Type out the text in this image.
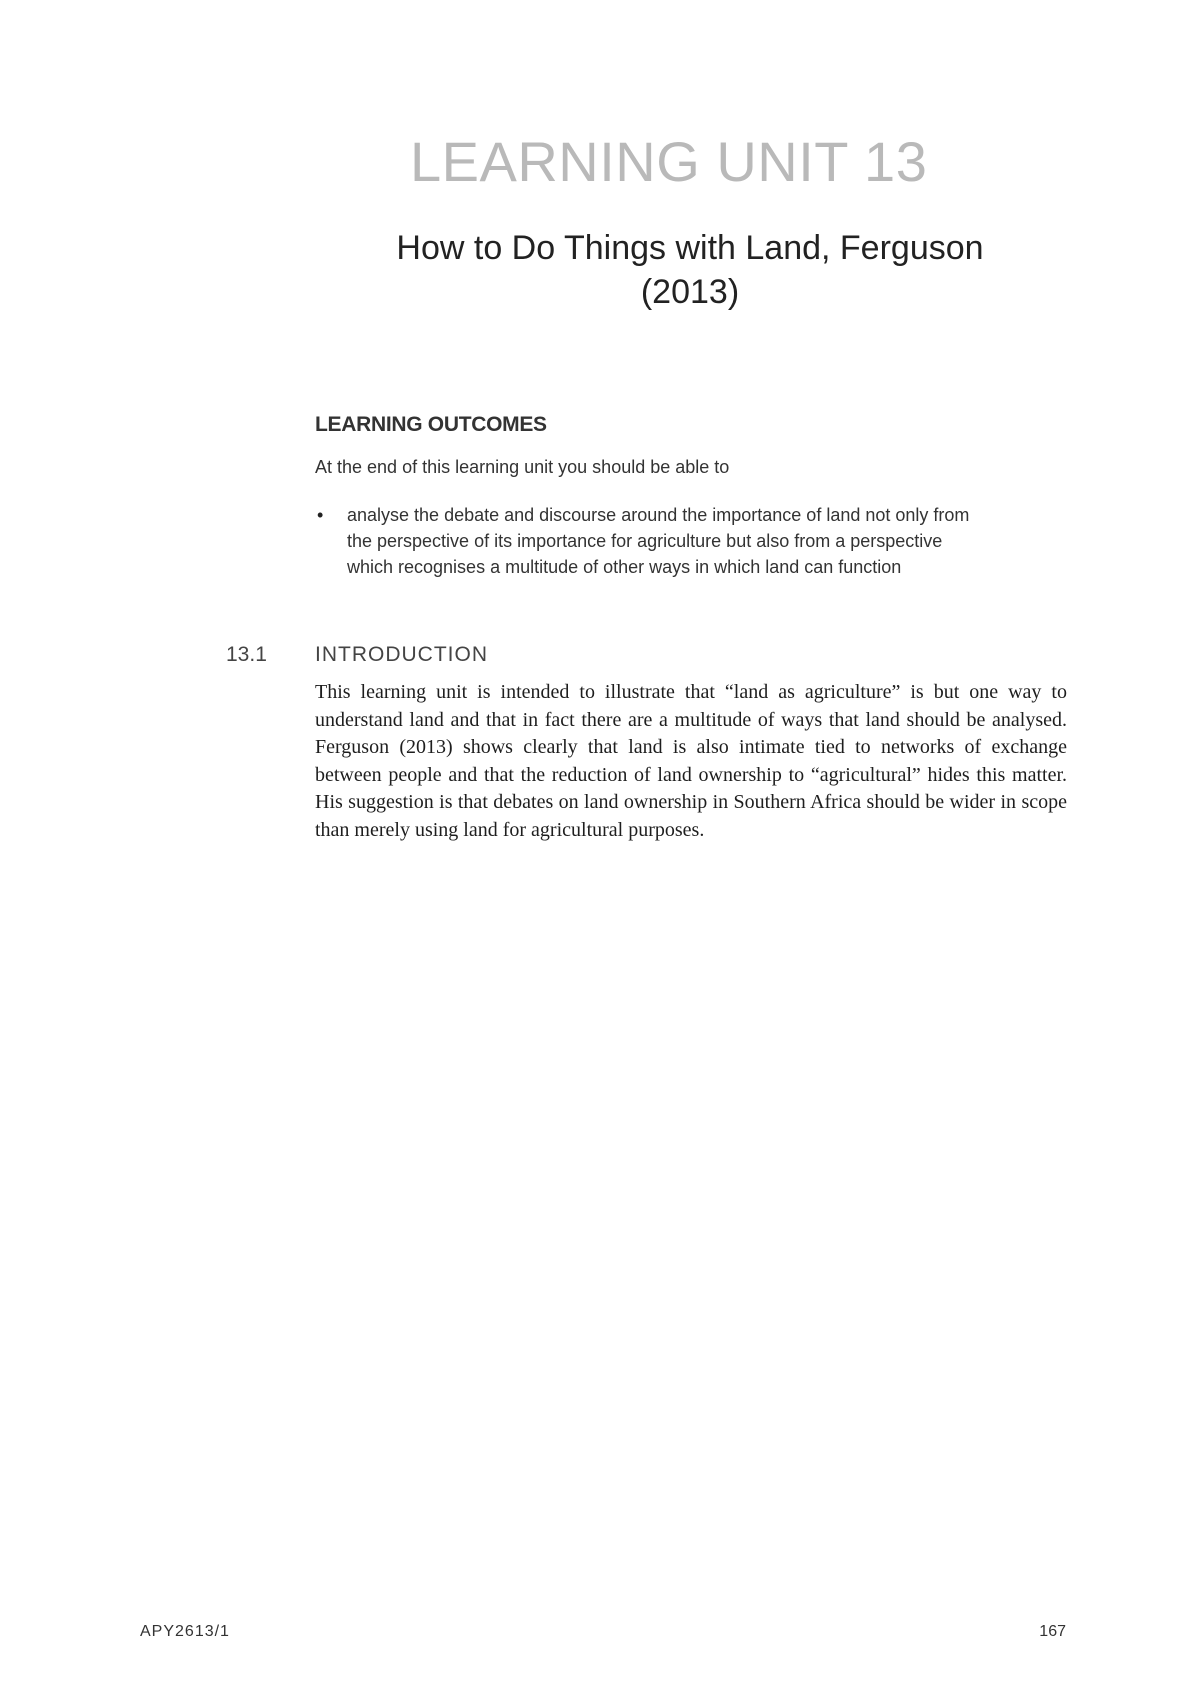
LEARNING UNIT 13
How to Do Things with Land, Ferguson
(2013)
LEARNING OUTCOMES
At the end of this learning unit you should be able to
• analyse the debate and discourse around the importance of land not only from
the perspective of its importance for agriculture but also from a perspective
which recognises a multitude of other ways in which land can function
13.1 INTRODUCTION

This learning unit is intended to illustrate that “land as agriculture” is but one way to understand land and that in fact there are a multitude of ways that land should be analysed. Ferguson (2013) shows clearly that land is also intimate tied to networks of exchange between people and that the reduction of land ownership to “agricultural” hides this matter. His suggestion is that debates on land ownership in Southern Africa should be wider in scope than merely using land for agricultural purposes.

APY2613/1	167
